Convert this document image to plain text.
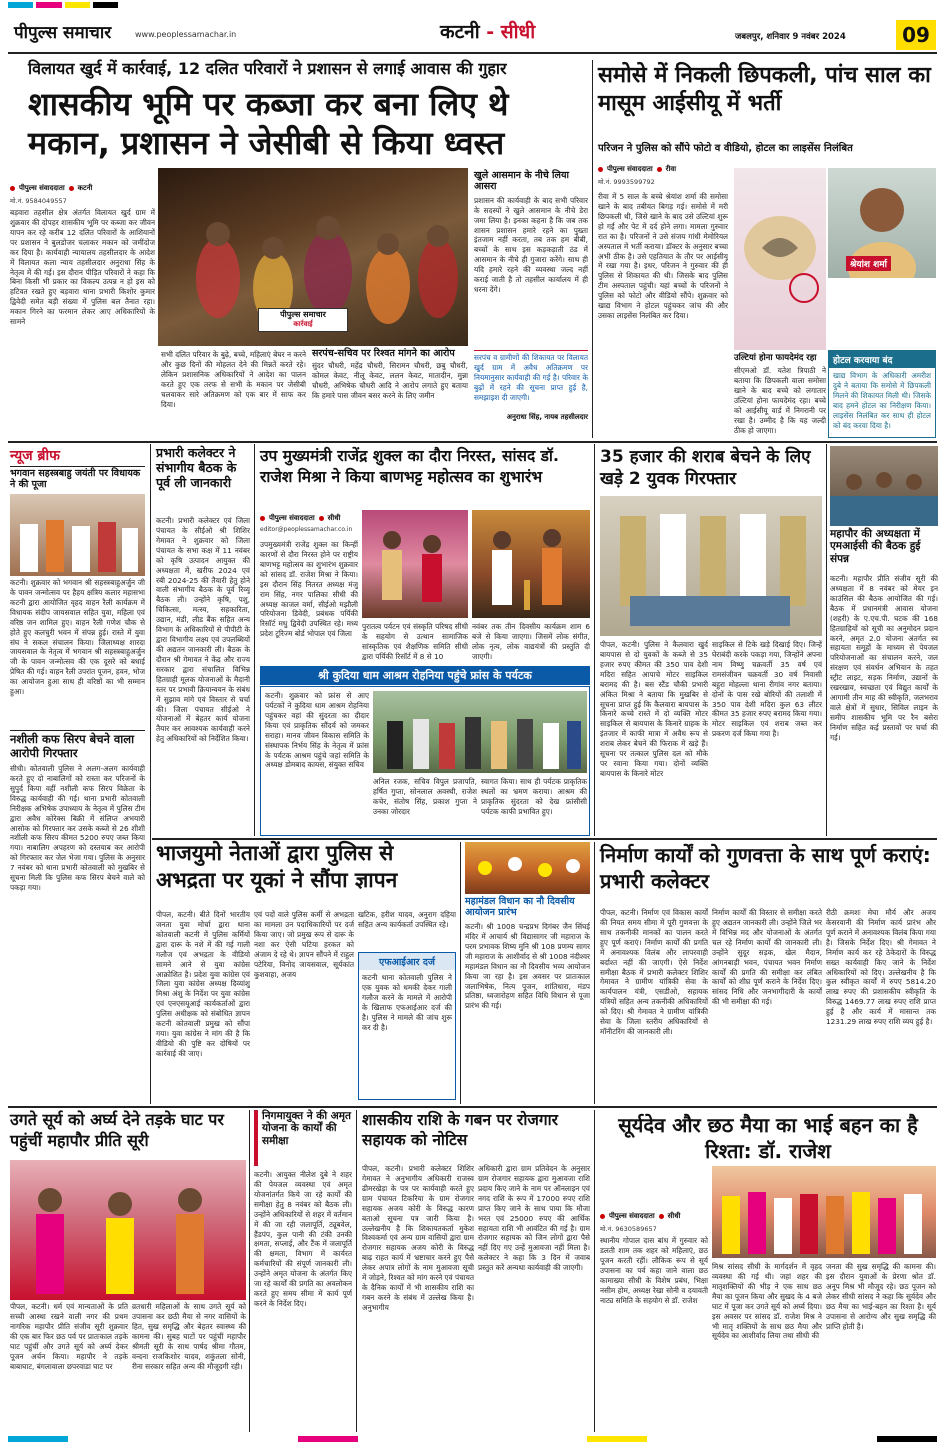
पीपुल्स समाचार	www.peoplessamachar.in	कटनी - सीधी	जबलपुर, शनिवार 9 नवंबर 2024	09
विलायत खुर्द में कार्रवाई, 12 दलित परिवारों ने प्रशासन से लगाई आवास की गुहार
शासकीय भूमि पर कब्जा कर बना लिए थे मकान, प्रशासन ने जेसीबी से किया ध्वस्त
पीपुल्स संवाददाता कटनी
मो.नं. 9584049557
पीपुल्स समाचार
कार्रवाई
बड़वारा तहसील क्षेत्र अंतर्गत विलायत खुर्द ग्राम में शुक्रवार की दोपहर शासकीय भूमि पर कब्जा कर जीवन यापन कर रहे करीब 12 दलित परिवारों के आशियानों पर प्रशासन ने बुलडोजर चलाकर मकान को जमींदोज कर दिया है। कार्यवाही न्यायालय तहसीलदार के आदेश में विलायत कला न्याय तहसीलदार अनुराधा सिंह के नेतृत्व में की गई। इस दौरान पीड़ित परिवारों ने कहा कि बिना किसी भी प्रकार का विकल्प उत्पन्न न हो इस को हटिवत रखते हुए बड़वारा थाना प्रभारी किशोर कुमार द्विवेदी समेत बड़ी संख्या में पुलिस बल तैनात रहा। मकान गिरने का फरमान लेकर आए अधिकारियों के सामने
सभी दलित परिवार के बुढ़े, बच्चे, महिलाएं बेघर न करने और कुछ दिनों की मोहलत देने की मिन्नतें करते रहे। लेकिन प्रशासनिक अधिकारियों ने आदेश का पालन करते हुए एक तरफ से सभी के मकान पर जेसीबी चलवाकर सारे अतिक्रमण को एक बार में साफ कर दिया।
सरपंच-सचिव पर रिश्वत मांगने का आरोप
सुंदर चौधरी, महेंद्र चौधरी, सिरामन चौधरी, छबु चौधरी, कोमल केवट, नीलू केवट, ललन केवट, मातादीन, मुन्ना चौधरी, अभिषेक चौधरी आदि ने आरोप लगाते हुए बताया कि हमारे पास जीवन बसर करने के लिए जमीन
खुले आसमान के नीचे लिया आसरा
प्रशासन की कार्यवाही के बाद सभी परिवार के सदस्यों ने खुले आसमान के नीचे डेरा जमा लिया है। इनका कहना है कि जब तक शासन प्रशासन हमारे रहने का पुख्ता इंतजाम नहीं करता, तब तक हम बीबी, बच्चों के साथ इस कड़कड़ाती ठंड में आसमान के नीचे ही गुजारा करेंगे। साथ ही यदि हमारे रहने की व्यवस्था जल्द नहीं कराई जाती है तो तहसील कार्यालय में ही धरना देंगे।
समोसे में निकली छिपकली, पांच साल का मासूम आईसीयू में भर्ती
परिजन ने पुलिस को सौंपे फोटो व वीडियो, होटल का लाइसेंस निलंबित
पीपुल्स संवाददाता रीवा
मो.नं. 9993599792
रीवा में 5 साल के बच्चे श्रेयांश शर्मा की समोसा खाने के बाद तबीयत बिगड़ गई। समोसे में मरी छिपकली थी, जिसे खाने के बाद उसे उल्टियां शुरू हो गईं और पेट में दर्द होने लगा। मामला गुरुवार रात का है। परिजनों ने उसे संजय गांधी मेमोरियल अस्पताल में भर्ती कराया। डॉक्टर के अनुसार बच्चा अभी ठीक है। उसे एहतियात के तौर पर आईसीयू में रखा गया है। इधर, परिजन ने गुरुवार की ही पुलिस से शिकायत की थी। जिसके बाद पुलिस टीम अस्पताल पहुंची। यहां बच्चों के परिजनों ने पुलिस को फोटो और वीडियो सौंपे। शुक्रवार को खाद्य विभाग ने होटल पहुंचकर जांच की और उसका लाइसेंस निलंबित कर दिया।
श्रेयांश शर्मा
उल्टियां होना फायदेमंद रहा
सीएमओ डॉ. यतेश त्रिपाठी ने बताया कि छिपकली वाला समोसा खाने के बाद बच्चे को लगातार उल्टियां होना फायदेमंद रहा। बच्चे को आईसीयू वार्ड में निगरानी पर रखा है। उम्मीद है कि यह जल्दी ठीक हो जाएगा।
होटल करवाया बंद
खाद्य विभाग के अधिकारी अमरीश दुबे ने बताया कि समोसे में छिपकली मिलने की शिकायत मिली थी। जिसके बाद हमने होटल का निरीक्षण किया। लाइसेंस निलंबित कर साथ ही होटल को बंद करवा दिया है।
न्यूज ब्रीफ
भगवान सहस्त्रबाहु जयंती पर विधायक ने की पूजा
कटनी। शुक्रवार को भगवान श्री सहस्त्रबाहुअर्जुन जी के पावन जन्मोत्सव पर हैहय क्षत्रिय कलार महासभा कटनी द्वारा आयोजित वृहद वाहन रैली कार्यक्रम में विधायक संदीप जायसवाल सहित युवा, महिला एवं वरिष्ठ जन शामिल हुए। वाहन रैली गणेश चौक से होते हुए कलचुरी भवन में संपन्न हुई। रास्ते में युवा संघ ने सकल संचालन किया। जिलाध्यक्ष शारदा जायसवाल के नेतृत्व में भगवान श्री सहस्त्रबाहुअर्जुन जी के पावन जन्मोत्सव की एक दूसरे को बधाई प्रेषित की गई। वाहन रैली उपरांत पूजन, हवन, भोज का आयोजन हुआ साथ ही वरिष्ठों का भी सम्मान हुआ।
नशीली कफ सिरप बेचने वाला आरोपी गिरफ्तार
सीधी। कोतवाली पुलिस ने अलग-अलग कार्यवाही करते हुए दो नाबालिगों को रास्ता कर परिजनों के सुपुर्द किया वहीं नशीली कफ सिरप विक्रेता के विरुद्ध कार्यवाही की गई। थाना प्रभारी कोतवाली निरीक्षक अभिषेक उपाध्याय के नेतृत्व में पुलिस टीम द्वारा अवैध कोरेक्स बिक्री में संलिप्त अभयारी आसोक को गिरफ्तार कर उसके कब्जे से 26 शीशी नशीली कफ सिरप कीमत 5200 रुपए जब्त किया गया। नाबालिग अपहरण को दस्तयाब कर आरोपी को गिरफ्तार कर जेल भेजा गया। पुलिस के अनुसार 7 नवंबर को थाना प्रभारी कोतवाली को मुखबिर से सूचना मिली कि पुलिस कफ सिरप बेचने वाले को पकड़ा गया।
प्रभारी कलेक्टर ने संभागीय बैठक के पूर्व ली जानकारी
कटनी। प्रभारी कलेक्टर एवं जिला पंचायत के सीईओ श्री शिशिर गेमावत ने शुक्रवार को जिला पंचायत के सभा कक्ष में 11 नवंबर को कृषि उत्पादन आयुक्त की अध्यक्षता में, खरीफ 2024 एवं रबी 2024-25 की तैयारी हेतु होने वाली संभागीय बैठक के पूर्व रिव्यू बैठक ली। उन्होंने कृषि, पशु, चिकित्सा, मत्स्य, सहकारिता, उद्यान, मंडी, लीड बैंक सहित अन्य विभाग के अधिकारियों से पीपीटी के द्वारा विभागीय लक्ष्य एवं उपलब्धियों की अद्यतन जानकारी ली। बैठक के दौरान श्री गेमावत ने केंद्र और राज्य सरकार द्वारा संचालित विभिन्न हितग्राही मूलक योजनाओं के मैदानी स्तर पर प्रभावी क्रियान्वयन के संबंध में सुझाव मांगे एवं विस्तार से चर्चा की। जिला पंचायत सीईओ ने योजनाओं में बेहतर कार्य योजना तैयार कर आवश्यक कार्यवाही करने हेतु अधिकारियों को निर्देशित किया।
उप मुख्यमंत्री राजेंद्र शुक्ल का दौरा निरस्त, सांसद डॉ. राजेश मिश्रा ने किया बाणभट्ट महोत्सव का शुभारंभ
पीपुल्स संवाददाता सीधी
editor@peoplessamachar.co.in
उपमुख्यमंत्री राजेंद्र शुक्ल का किन्हीं कारणों से दौरा निरस्त होने पर राष्ट्रीय बाणभट्ट महोत्सव का शुभारंभ शुक्रवार को सांसद डॉ. राजेश मिश्रा ने किया। इस दौरान सिंह नितरत अध्यक्ष मंजु राम सिंह, नगर पालिका सीधी की अध्यक्ष काजल वर्मा, सीईओ मझौली परियोजना डिवेदी, प्रबंधक पर्यिकी रिसॉर्ट मधु द्विवेदी उपस्थित रहे। मध्य प्रदेश टूरिज्म बोर्ड भोपाल एवं जिला
पुरातत्व पर्यटन एवं संस्कृति परिषद सीधी के सहयोग से उत्थान सामाजिक सांस्कृतिक एवं शैक्षणिक समिति सीधी द्वारा पर्यिकी रिसॉर्ट में 8 से 10
नवंबर तक तीन दिवसीय कार्यक्रम शाम 6 बजे से किया जाएगा। जिसमें लोक संगीत, लोक नृत्य, लोक वाद्ययंत्रों की प्रस्तुति दी जाएगी।
श्री कुदिया धाम आश्रम रोहनिया पहुंचे फ्रांस के पर्यटक
कटनी। शुक्रवार को फ्रांस से आए पर्यटकों ने कुदिया धाम आश्रम रोहनिया पहुंचकर वहां की सुंदरता का दीदार किया एवं प्राकृतिक सौंदर्य को जमकर सराहा। मानव जीवन विकास समिति के संस्थापक निर्भय सिंह के नेतृत्व में फ्रांस के पर्यटक आश्रम पहुंचे जहां समिति के अध्यक्ष डोमबाद कायस, संयुक्त सचिव
अनिल रजक, सचिव विपुल प्रजापति, हर्षित गुप्ता, सोनलाल अवस्थी, राजेश कचेर, संतोष सिंह, प्रकाश गुप्ता ने उनका जोरदार
स्वागत किया। साथ ही पर्यटक प्राकृतिक स्थलों का भ्रमण कराया। आश्रम की प्राकृतिक सुंदरता को देख फ्रांसीसी पर्यटक काफी प्रभावित हुए।
35 हजार की शराब बेचने के लिए खड़े 2 युवक गिरफ्तार
पीपल, कटनी। पुलिस ने कैलवारा खुर्द बायपास से दो युवकों के कब्जे से 35 हजार रुपए कीमत की 350 पाव देशी मदिरा सहित आपाचे मोटर साइकिल बरामद की है। बस स्टैंड चौकी प्रभारी अंकित मिश्रा ने बताया कि मुखबिर से सूचना प्राप्त हुई कि कैलवारा बायपास के किनारे कच्चे रास्ते में दो व्यक्ति मोटर साइकिल से बायपास के किनारे ग्राहक के इंतजार में काफी मात्रा में अवैध रूप से शराब लेकर बेचने की फिराक में खड़े हैं। सूचना पर तत्काल पुलिस दल को मौके पर रवाना किया गया। दोनों व्यक्ति बायपास के किनारे मोटर
साइकिल से टिके खड़े दिखाई दिए। जिन्हें घेराबंदी करके पकड़ा गया, जिन्होंने अपना नाम विष्णु चक्रवर्ती 35 वर्ष एवं रामसंजीवन चक्रवर्ती 30 वर्ष निवासी बहुरा मोहल्ला थाना रीगांव नगर बताया। दोनों के पास रखे बोरियों की तलाशी में 350 पाव देशी मदिरा कुल 63 लीटर कीमत 35 हजार रुपए बरामद किया गया। मोटर साइकिल एवं शराब जब्त कर प्रकरण दर्ज किया गया है।
महापौर की अध्यक्षता में एमआईसी की बैठक हुई संपन्न
कटनी। महापौर प्रीति संजीव सूरी की अध्यक्षता में 8 नवंबर को मेयर इन काउंसिल की बैठक आयोजित की गई। बैठक में प्रधानमंत्री आवास योजना (शहरी) के ए.एच.पी. घटक की 168 हितग्राहियों को सूची का अनुमोदन प्रदान करने, अमृत 2.0 योजना अंतर्गत स्व सहायता समूहों के माध्यम से पेयजल परियोजनाओं का संचालन करने, जल संरक्षण एवं संवर्धन अभियान के तहत स्ट्रीट लाइट, सड़क निर्माण, उद्यानों के रखरखाव, स्वच्छता एवं विद्युत कार्यों के आगामी तीन माह की स्वीकृति, जलभराव वाले क्षेत्रों में सुधार, सिविल लाइन के समीप शासकीय भूमि पर रैन बसेरा निर्माण सहित कई प्रस्तावों पर चर्चा की गई।
भाजयुमो नेताओं द्वारा पुलिस से अभद्रता पर यूकां ने सौंपा ज्ञापन
पीपल, कटनी। बीते दिनों भारतीय जनता युवा मोर्चा द्वारा थाना कोतवाली कटनी में पुलिस कर्मियों द्वारा दारू के नशे में की गई गाली गलौज एवं अभद्रता के वीडियो सामने आने से युवा कांग्रेस आक्रोशित है। प्रदेश युवा कांग्रेस एवं जिला युवा कांग्रेस अध्यक्ष दिव्यांशु मिश्रा अंशु के निर्देश पर युवा कांग्रेस एवं एनएसयूआई कार्यकर्ताओं द्वारा पुलिस अधीक्षक को संबोधित ज्ञापन कटनी कोतवाली प्रमुख को सौंपा गया। युवा कांग्रेस ने मांग की है कि वीडियो की पुष्टि कर दोषियों पर कार्रवाई की जाए।
एवं पदों वाले पुलिस कर्मी से अभद्रता का मामला उन पदाधिकारियों पर दर्ज किया जाए। जो प्रमुख रूप से दारू के नशा कर ऐसी घटिया हरकत को अंजाम दे रहे थे। ज्ञापन सौंपने में राहुल पटेरिया, विनोद जायसवाल, सूर्यकांत कुशवाहा, अजय
खटिक, हरीश यादव, अनुराग दहिया सहित अन्य कार्यकर्ता उपस्थित रहे।
एफआईआर दर्ज
कटनी थाना कोतवाली पुलिस ने एक युवक को धमकी देकर गाली गलौज करने के मामले में आरोपी के खिलाफ एफआईआर दर्ज की है। पुलिस ने मामले की जांच शुरू कर दी है।
महामंडल विधान का नौ दिवसीय आयोजन प्रारंभ
कटनी। श्री 1008 चन्द्रप्रभ दिगंबर जैन सिंघई मंदिर में आचार्य श्री विद्यासागर जी महाराज के परम प्रभावक शिष्य मुनि श्री 108 प्रणम्य सागर जी महाराज के आशीर्वाद से श्री 1008 नंदीश्वर महामंडल विधान का नौ दिवसीय भव्य आयोजन किया जा रहा है। इस अवसर पर प्रातःकाल जलाभिषेक, नित्य पूजन, शांतिधारा, मंडप प्रतिष्ठा, ध्वजारोहण सहित विधि विधान से पूजा प्रारंभ की गई।
निर्माण कार्यों को गुणवत्ता के साथ पूर्ण कराएं: प्रभारी कलेक्टर
पीपल, कटनी। निर्माण एवं विकास कार्यों की नियत समय सीमा में पूरी गुणवत्ता के साथ तकनीकी मानकों का पालन करते हुए पूर्ण कराएं। निर्माण कार्यों की प्रगति में अनावश्यक विलंब और लापरवाही बर्दाश्त नहीं की जाएगी। ऐसे निर्देश समीक्षा बैठक में प्रभारी कलेक्टर शिशिर गेमावत ने ग्रामीण यांत्रिकी सेवा के कार्यपालन यंत्री, एसडीओ, सहायक यंत्रियों सहित अन्य तकनीकी अधिकारियों को दिए। श्री गेमावत ने ग्रामीण यांत्रिकी सेवा के जिला स्तरीय अधिकारियों से मॉनीटरिंग की जानकारी ली।
निर्माण कार्यों की विस्तार से समीक्षा करते हुए अद्यतन जानकारी ली। उन्होंने जिले भर में विभिन्न मद और योजनाओं के अंतर्गत चल रहे निर्माण कार्यों की जानकारी ली। उन्होंने सुदूर सड़क, खेल मैदान, आंगनबाड़ी भवन, पंचायत भवन निर्माण कार्यों की प्रगति की समीक्षा कर लंबित कार्यों को शीघ्र पूर्ण कराने के निर्देश दिए। सांसद निधि और जनभागीदारी के कार्यों की भी समीक्षा की गई।
रीठी क्रमशः मेघा मौर्य और अजय केसरवानी की निर्माण कार्य प्रारंभ और पूर्ण कराने में अनावश्यक विलंब किया गया है। जिसके निर्देश दिए। श्री गेमावत ने निर्माण कार्य कर रहे ठेकेदारों के विरुद्ध सख्त कार्यवाही किए जाने के निर्देश अधिकारियों को दिए। उल्लेखनीय है कि कुल स्वीकृत कार्यों में रुपए 5814.20 लाख रुपए की प्रशासकीय स्वीकृति के विरुद्ध 1469.77 लाख रुपए राशि प्राप्त हुई है और कार्य में मासान्त तक 1231.29 लाख रुपए राशि व्यय हुई है।
उगते सूर्य को अर्घ्य देने तड़के घाट पर पहुंचीं महापौर प्रीति सूरी
पीपल, कटनी। धर्म एवं मान्यताओं के प्रति सच्ची आस्था रखने वाली नगर की प्रथम नागरिक महापौर प्रीति संजीव सूरी शुक्रवार की एक बार फिर छठ पर्व पर प्रातःकाल तड़के घाट पहुंचीं और उगते सूर्य को अर्घ्य देकर पूजन अर्चन किया। महापौर ने तड़के बाबाघाट, बंगलावाला छपरवाडा घाट पर
व्रतधारी महिलाओं के साथ उगते सूर्य को उपासना कर छठी मैया से नगर वासियों के हित, सुख समृद्धि और बेहतर स्वास्थ्य की कामना की। सुबह घाटों पर पहुंचीं महापौर श्रीमती सूरी के साथ पार्षद श्रीमा गौतम, वन्दना राजकिशोर यादव, शकुंतला सोनी, रीना सरकार सहित अन्य की मौजूदगी रही।
निगमायुक्त ने की अमृत योजना के कार्यों की समीक्षा
कटनी। आयुक्त नीलेश दुबे ने शहर की पेयजल व्यवस्था एवं अमृत योजनांतर्गत किये जा रहे कार्यों की समीक्षा हेतु 8 नवंबर को बैठक ली। उन्होंने अधिकारियों से शहर में वर्तमान में की जा रही जलापूर्ति, ट्यूबवेल, हैंडपंप, कुल पानी की टंकी उनकी क्षमता, सप्लाई, और टैंक में जलापूर्ति की क्षमता, विभाग में कार्यरत कर्मचारियों की संपूर्ण जानकारी ली। उन्होंने अमृत योजना के अंतर्गत किए जा रहे कार्यों की प्रगति का अवलोकन करते हुए समय सीमा में कार्य पूर्ण करने के निर्देश दिए।
शासकीय राशि के गबन पर रोजगार सहायक को नोटिस
पीपल, कटनी। प्रभारी कलेक्टर शिशिर गेमावत ने अनुभागीय अधिकारी राजस्व ढीमरखेड़ा के पत्र पर कार्यवाही करते हुए ग्राम पंचायत टिकरिया के ग्राम रोजगार सहायक अजय कोरी के विरुद्ध कारण बताओ सूचना पत्र जारी किया है। उल्लेखनीय है कि शिकायतकर्ता मुकेश विश्वकर्मा एवं अन्य ग्राम वासियों द्वारा ग्राम रोजगार सहायक अजय कोरी के विरुद्ध बाढ़ राहत कार्य में भ्रष्टाचार करने हुए पैसे लेकर अपात्र लोगों के नाम मुआवजा सूची में जोड़ने, रिश्वत को मांग करने एवं पंचायत के दैनिक कार्यों में भी शासकीय राशि का गबन करने के संबंध में उल्लेख किया है। अनुभागीय
अधिकारी द्वारा ग्राम प्रतिवेदन के अनुसार ग्राम रोजगार सहायक द्वारा मुआवजा राशि प्रदाय किए जाने के नाम पर ऑनलाइन एवं नगद राशि के रूप में 17000 रुपए राशि प्राप्त किए जाने के साथ पाया कि मौजा भरत एवं 25000 रुपए की आर्थिक सहायता राशि भी आवंटित की गई है। ग्राम रोजगार सहायक को जिन लोगों द्वारा पैसे नहीं दिए गए उन्हें मुआवजा नहीं मिला है। कलेक्टर ने कहा कि 3 दिन में जवाब प्रस्तुत करें अन्यथा कार्यवाही की जाएगी।
सूर्यदेव और छठ मैया का भाई बहन का है रिश्ता: डॉ. राजेश
पीपुल्स संवाददाता सीधी
मो.नं. 9630589657
स्थानीय गोपाल दास बांध में गुरुवार को डलती शाम तक शहर को महिलाएं, छठ पूजन करती रहीं। लौकिक रूप से सूर्य उपासना का पर्व कहा जाने वाला छठ कामाख्या सीधी के विशेष प्रबंध, भिक्षा नसीम होम, अध्यक्ष रेखा सोनी व दयावती नाट्य समिति के सहयोग से डॉ. राजेश
मिश्र सांसद सीधी के मार्गदर्शन में वृहद व्यवस्था की गई थी। जहां शहर की मातृशक्तियों की भीड़ ने एक साथ छठ मैया का पूजन किया और सुखद के 4 बजे घाट में पूजा कर उगते सूर्य को अर्घ्य दिया। इस अवसर पर सांसद डॉ. राजेश मिश्र ने भी मातृ शक्तियों के साथ छठ मैया और सूर्यदेव का आशीर्वाद लिया तथा सीधी की
जनता की सुख समृद्धि की कामना की। इस दौरान युवाओं के प्रेरणा श्रोत डॉ. अनूप मिश्र भी मौजूद रहे। छठ पूजन को लेकर सीधी सांसद ने कहा कि सूर्यदेव और छठ मैया का भाई-बहन का रिश्ता है। सूर्य उपासना से आरोग्य और सुख समृद्धि की प्राप्ति होती है।
सरपंच व ग्रामीणों की शिकायत पर विलायत खुर्द ग्राम में अवैध अतिक्रमण पर नियमानुसार कार्यवाही की गई है। परिवार के बुढ़ों में रहने की सूचना प्राप्त हुई है, समझाइश दी जाएगी।
अनुराधा सिंह, नायब तहसीलदार
